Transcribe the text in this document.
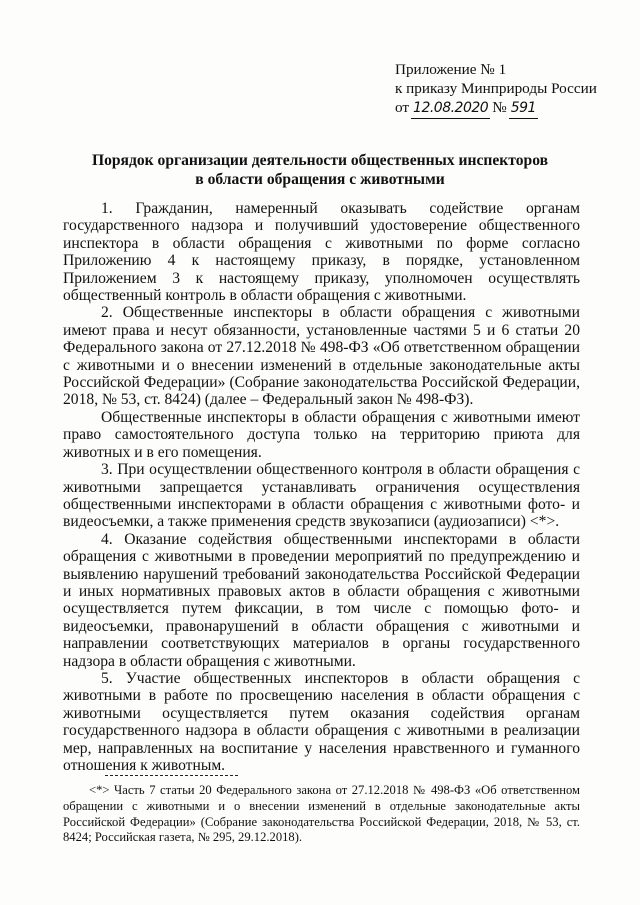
Приложение № 1
к приказу Минприроды России
от 12.08.2020 № 591
Порядок организации деятельности общественных инспекторов
в области обращения с животными

1. Гражданин, намеренный оказывать содействие органам государственного надзора и получивший удостоверение общественного инспектора в области обращения с животными по форме согласно Приложению 4 к настоящему приказу, в порядке, установленном Приложением 3 к настоящему приказу, уполномочен осуществлять общественный контроль в области обращения с животными.

2. Общественные инспекторы в области обращения с животными имеют права и несут обязанности, установленные частями 5 и 6 статьи 20 Федерального закона от 27.12.2018 № 498-ФЗ «Об ответственном обращении с животными и о внесении изменений в отдельные законодательные акты Российской Федерации» (Собрание законодательства Российской Федерации, 2018, № 53, ст. 8424) (далее – Федеральный закон № 498-ФЗ).

Общественные инспекторы в области обращения с животными имеют право самостоятельного доступа только на территорию приюта для животных и в его помещения.

3. При осуществлении общественного контроля в области обращения с животными запрещается устанавливать ограничения осуществления общественными инспекторами в области обращения с животными фото- и видеосъемки, а также применения средств звукозаписи (аудиозаписи) <*>.

4. Оказание содействия общественными инспекторами в области обращения с животными в проведении мероприятий по предупреждению и выявлению нарушений требований законодательства Российской Федерации и иных нормативных правовых актов в области обращения с животными осуществляется путем фиксации, в том числе с помощью фото- и видеосъемки, правонарушений в области обращения с животными и направлении соответствующих материалов в органы государственного надзора в области обращения с животными.

5. Участие общественных инспекторов в области обращения с животными в работе по просвещению населения в области обращения с животными осуществляется путем оказания содействия органам государственного надзора в области обращения с животными в реализации мер, направленных на воспитание у населения нравственного и гуманного отношения к животным.

<*> Часть 7 статьи 20 Федерального закона от 27.12.2018 № 498-ФЗ «Об ответственном обращении с животными и о внесении изменений в отдельные законодательные акты Российской Федерации» (Собрание законодательства Российской Федерации, 2018, № 53, ст. 8424; Российская газета, № 295, 29.12.2018).
